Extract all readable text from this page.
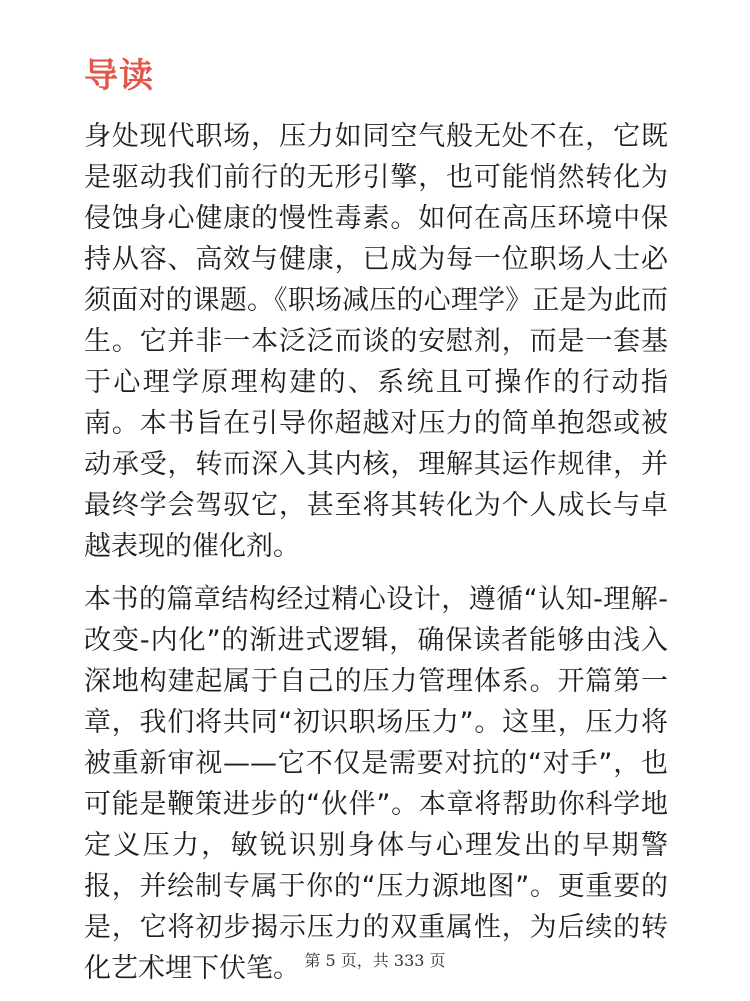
导读

身处现代职场，压力如同空气般无处不在，它既是驱动我们前行的无形引擎，也可能悄然转化为侵蚀身心健康的慢性毒素。如何在高压环境中保持从容、高效与健康，已成为每一位职场人士必须面对的课题。《职场减压的心理学》正是为此而生。它并非一本泛泛而谈的安慰剂，而是一套基于心理学原理构建的、系统且可操作的行动指南。本书旨在引导你超越对压力的简单抱怨或被动承受，转而深入其内核，理解其运作规律，并最终学会驾驭它，甚至将其转化为个人成长与卓越表现的催化剂。

本书的篇章结构经过精心设计，遵循“认知-理解-改变-内化”的渐进式逻辑，确保读者能够由浅入深地构建起属于自己的压力管理体系。开篇第一章，我们将共同“初识职场压力”。这里，压力将被重新审视——它不仅是需要对抗的“对手”，也可能是鞭策进步的“伙伴”。本章将帮助你科学地定义压力，敏锐识别身体与心理发出的早期警报，并绘制专属于你的“压力源地图”。更重要的是，它将初步揭示压力的双重属性，为后续的转化艺术埋下伏笔。 第 5 页，共 333 页
